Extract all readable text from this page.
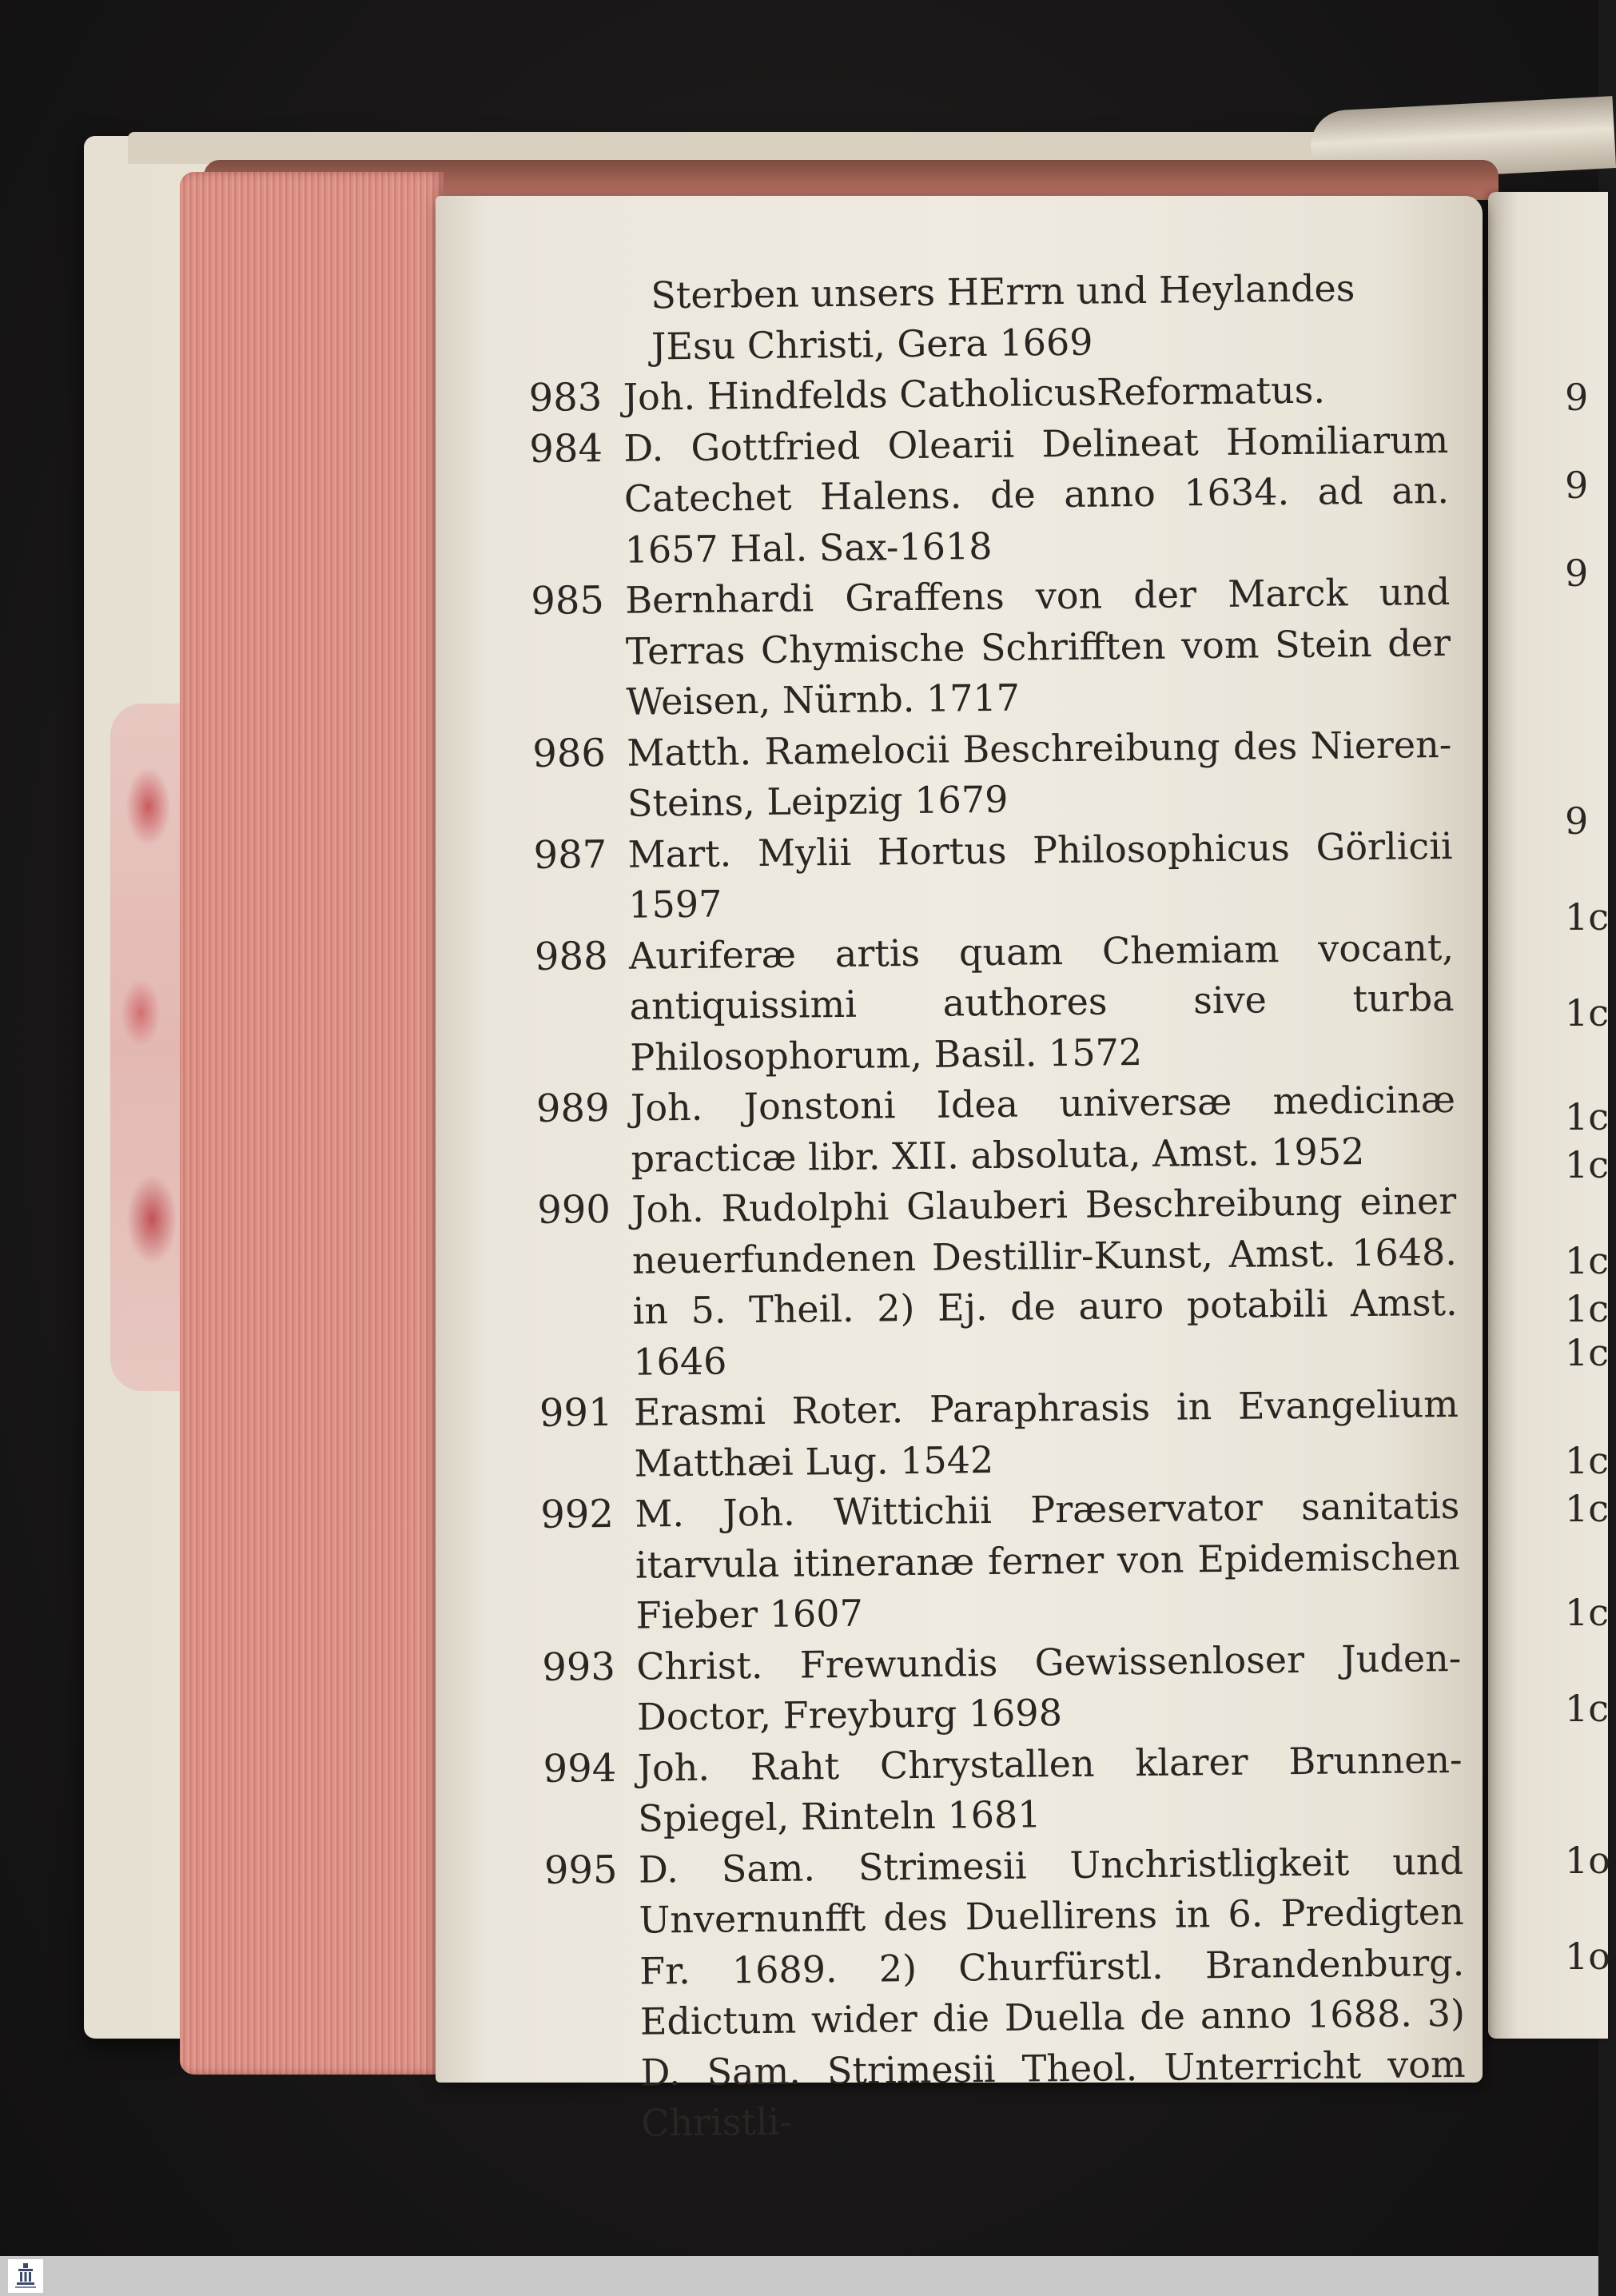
9
9
9
9
1c
1c
1c
1c
1c
1c
1c
1c
1c
1c
1c
1o
1o
Sterben unsers HErrn und Heylandes JEsu Christi, Gera 1669
983 Joh. Hindfelds CatholicusReformatus.
984 D. Gottfried Olearii Delineat Homiliarum Catechet Halens. de anno 1634. ad an. 1657 Hal. Sax-1618
985 Bernhardi Graffens von der Marck und Terras Chymische Schrifften vom Stein der Weisen, Nürnb. 1717
986 Matth. Ramelocii Beschreibung des Nieren-Steins, Leipzig 1679
987 Mart. Mylii Hortus Philosophicus Görlicii 1597
988 Auriferæ artis quam Chemiam vocant, antiquissimi authores sive turba Philosophorum, Basil. 1572
989 Joh. Jonstoni Idea universæ medicinæ practicæ libr. XII. absoluta, Amst. 1952
990 Joh. Rudolphi Glauberi Beschreibung einer neuerfundenen Destillir-Kunst, Amst. 1648. in 5. Theil. 2) Ej. de auro potabili Amst. 1646
991 Erasmi Roter. Paraphrasis in Evangelium Matthæi Lug. 1542
992 M. Joh. Wittichii Præservator sanitatis itarvula itineranæ ferner von Epidemischen Fieber 1607
993 Christ. Frewundis Gewissenloser Juden-Doctor, Freyburg 1698
994 Joh. Raht Chrystallen klarer Brunnen-Spiegel, Rinteln 1681
995 D. Sam. Strimesii Unchristligkeit und Unvernunfft des Duellirens in 6. Predigten Fr. 1689. 2) Churfürstl. Brandenburg. Edictum wider die Duella de anno 1688. 3) D. Sam. Strimesii Theol. Unterricht vom Christli-
